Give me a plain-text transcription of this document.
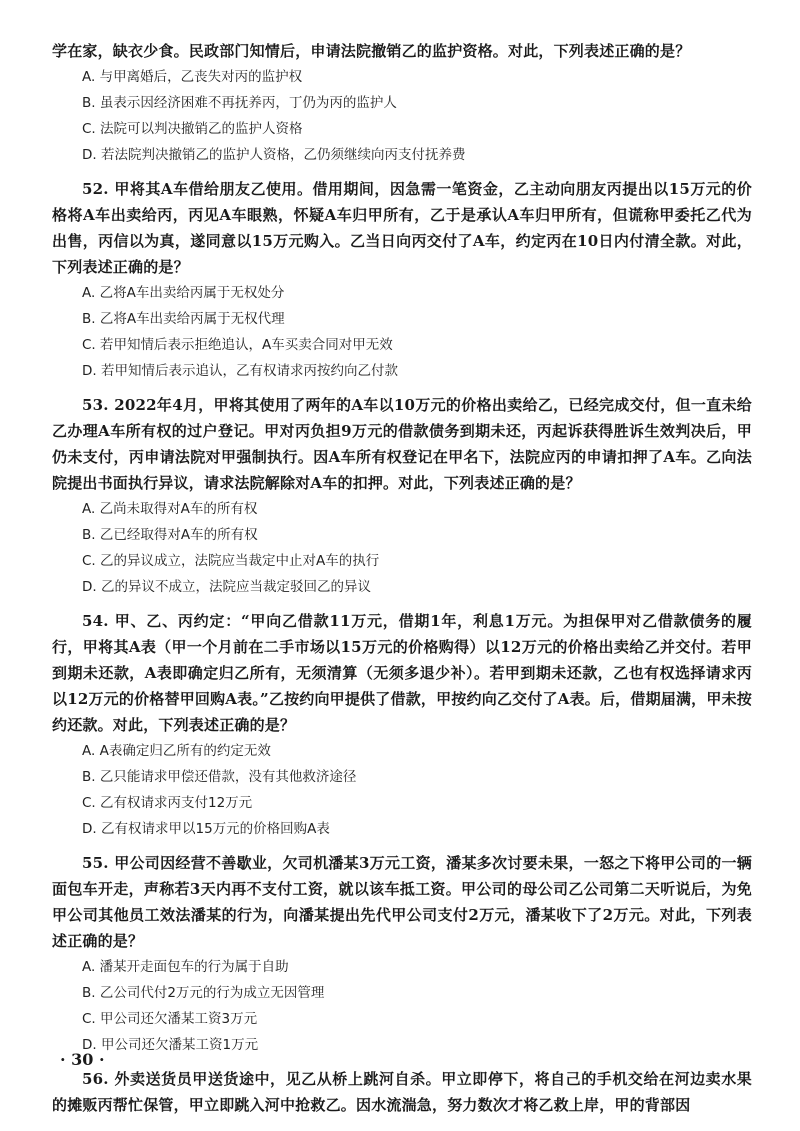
学在家，缺衣少食。民政部门知情后，申请法院撤销乙的监护资格。对此，下列表述正确的是？

A. 与甲离婚后，乙丧失对丙的监护权

B. 虽表示因经济困难不再抚养丙，丁仍为丙的监护人

C. 法院可以判决撤销乙的监护人资格

D. 若法院判决撤销乙的监护人资格，乙仍须继续向丙支付抚养费

52. 甲将其A车借给朋友乙使用。借用期间，因急需一笔资金，乙主动向朋友丙提出以15万元的价格将A车出卖给丙，丙见A车眼熟，怀疑A车归甲所有，乙于是承认A车归甲所有，但谎称甲委托乙代为出售，丙信以为真，遂同意以15万元购入。乙当日向丙交付了A车，约定丙在10日内付清全款。对此，下列表述正确的是？

A. 乙将A车出卖给丙属于无权处分

B. 乙将A车出卖给丙属于无权代理

C. 若甲知情后表示拒绝追认，A车买卖合同对甲无效

D. 若甲知情后表示追认，乙有权请求丙按约向乙付款

53. 2022年4月，甲将其使用了两年的A车以10万元的价格出卖给乙，已经完成交付，但一直未给乙办理A车所有权的过户登记。甲对丙负担9万元的借款债务到期未还，丙起诉获得胜诉生效判决后，甲仍未支付，丙申请法院对甲强制执行。因A车所有权登记在甲名下，法院应丙的申请扣押了A车。乙向法院提出书面执行异议，请求法院解除对A车的扣押。对此，下列表述正确的是？

A. 乙尚未取得对A车的所有权

B. 乙已经取得对A车的所有权

C. 乙的异议成立，法院应当裁定中止对A车的执行

D. 乙的异议不成立，法院应当裁定驳回乙的异议

54. 甲、乙、丙约定：“甲向乙借款11万元，借期1年，利息1万元。为担保甲对乙借款债务的履行，甲将其A表（甲一个月前在二手市场以15万元的价格购得）以12万元的价格出卖给乙并交付。若甲到期未还款，A表即确定归乙所有，无须清算（无须多退少补）。若甲到期未还款，乙也有权选择请求丙以12万元的价格替甲回购A表。”乙按约向甲提供了借款，甲按约向乙交付了A表。后，借期届满，甲未按约还款。对此，下列表述正确的是？

A. A表确定归乙所有的约定无效

B. 乙只能请求甲偿还借款，没有其他救济途径

C. 乙有权请求丙支付12万元

D. 乙有权请求甲以15万元的价格回购A表

55. 甲公司因经营不善歇业，欠司机潘某3万元工资，潘某多次讨要未果，一怒之下将甲公司的一辆面包车开走，声称若3天内再不支付工资，就以该车抵工资。甲公司的母公司乙公司第二天听说后，为免甲公司其他员工效法潘某的行为，向潘某提出先代甲公司支付2万元，潘某收下了2万元。对此，下列表述正确的是？

A. 潘某开走面包车的行为属于自助

B. 乙公司代付2万元的行为成立无因管理

C. 甲公司还欠潘某工资3万元

D. 甲公司还欠潘某工资1万元

56. 外卖送货员甲送货途中，见乙从桥上跳河自杀。甲立即停下，将自己的手机交给在河边卖水果的摊贩丙帮忙保管，甲立即跳入河中抢救乙。因水流湍急，努力数次才将乙救上岸，甲的背部因

· 30 ·
